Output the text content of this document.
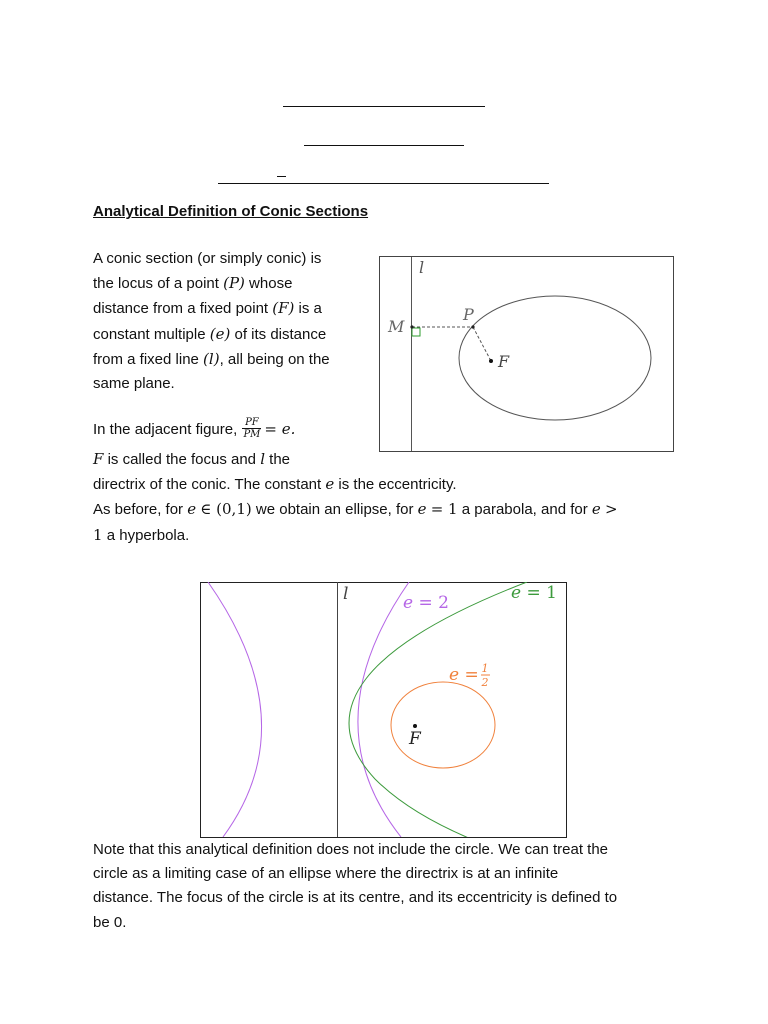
Analytical Definition of Conic Sections
A conic section (or simply conic) is
the locus of a point (P) whose
distance from a fixed point (F) is a
constant multiple (e) of its distance
from a fixed line (l), all being on the
same plane.
In the adjacent figure, $\frac{PF}{PM} = e$.
F is called the focus and l the
directrix of the conic. The constant e is the eccentricity.
As before, for e ∈ (0,1) we obtain an ellipse, for e = 1 a parabola, and for e >
1 a hyperbola.
Note that this analytical definition does not include the circle. We can treat the
circle as a limiting case of an ellipse where the directrix is at an infinite
distance. The focus of the circle is at its centre, and its eccentricity is defined to
be 0.
l
M
P
F
l
F
e = 2	e = 1
e = 1
2
